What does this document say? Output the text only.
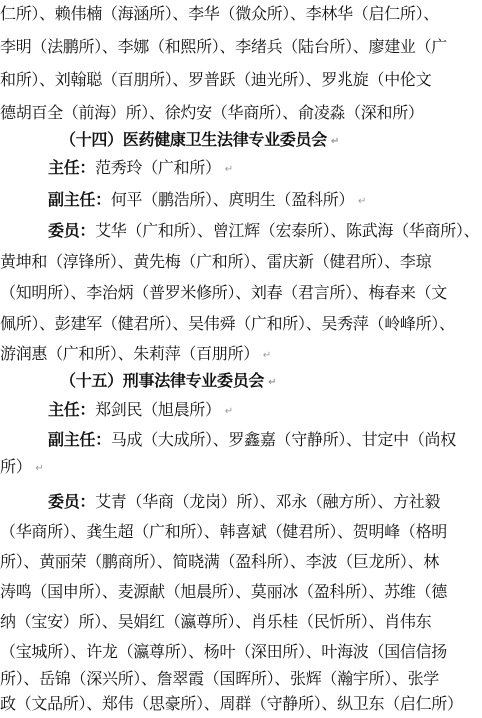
仁所）、赖伟楠（海涵所）、李华（微众所）、李林华（启仁所）、
李明（法鹏所）、李娜（和熙所）、李绪兵（陆台所）、廖建业（广
和所）、刘翰聪（百朋所）、罗普跃（迪光所）、罗兆旋（中伦文
德胡百全（前海）所）、徐灼安（华商所）、俞凌淼（深和所）
（十四）医药健康卫生法律专业委员会 ↵
主任：范秀玲（广和所） ↵
副主任：何平（鹏浩所）、庹明生（盈科所） ↵
委员：艾华（广和所）、曾江辉（宏泰所）、陈武海（华商所）、
黄坤和（淳锋所）、黄先梅（广和所）、雷庆新（健君所）、李琼
（知明所）、李治炳（普罗米修所）、刘春（君言所）、梅春来（文
佩所）、彭建军（健君所）、吴伟舜（广和所）、吴秀萍（岭峰所）、
游润惠（广和所）、朱莉萍（百朋所） ↵
（十五）刑事法律专业委员会 ↵
主任：郑剑民（旭晨所） ↵
副主任：马成（大成所）、罗鑫嘉（守静所）、甘定中（尚权
所） ↵
委员：艾青（华商（龙岗）所）、邓永（融方所）、方社毅
（华商所）、龚生超（广和所）、韩喜斌（健君所）、贺明峰（格明
所）、黄丽荣（鹏商所）、简晓满（盈科所）、李波（巨龙所）、林
涛鸣（国申所）、麦源献（旭晨所）、莫丽冰（盈科所）、苏维（德
纳（宝安）所）、吴娟红（瀛尊所）、肖乐桂（民忻所）、肖伟东
（宝城所）、许龙（瀛尊所）、杨叶（深田所）、叶海波（国信信扬
所）、岳锦（深兴所）、詹翠霞（国晖所）、张辉（瀚宇所）、张学
政（文品所）、郑伟（思豪所）、周群（守静所）、纵卫东（启仁所）
